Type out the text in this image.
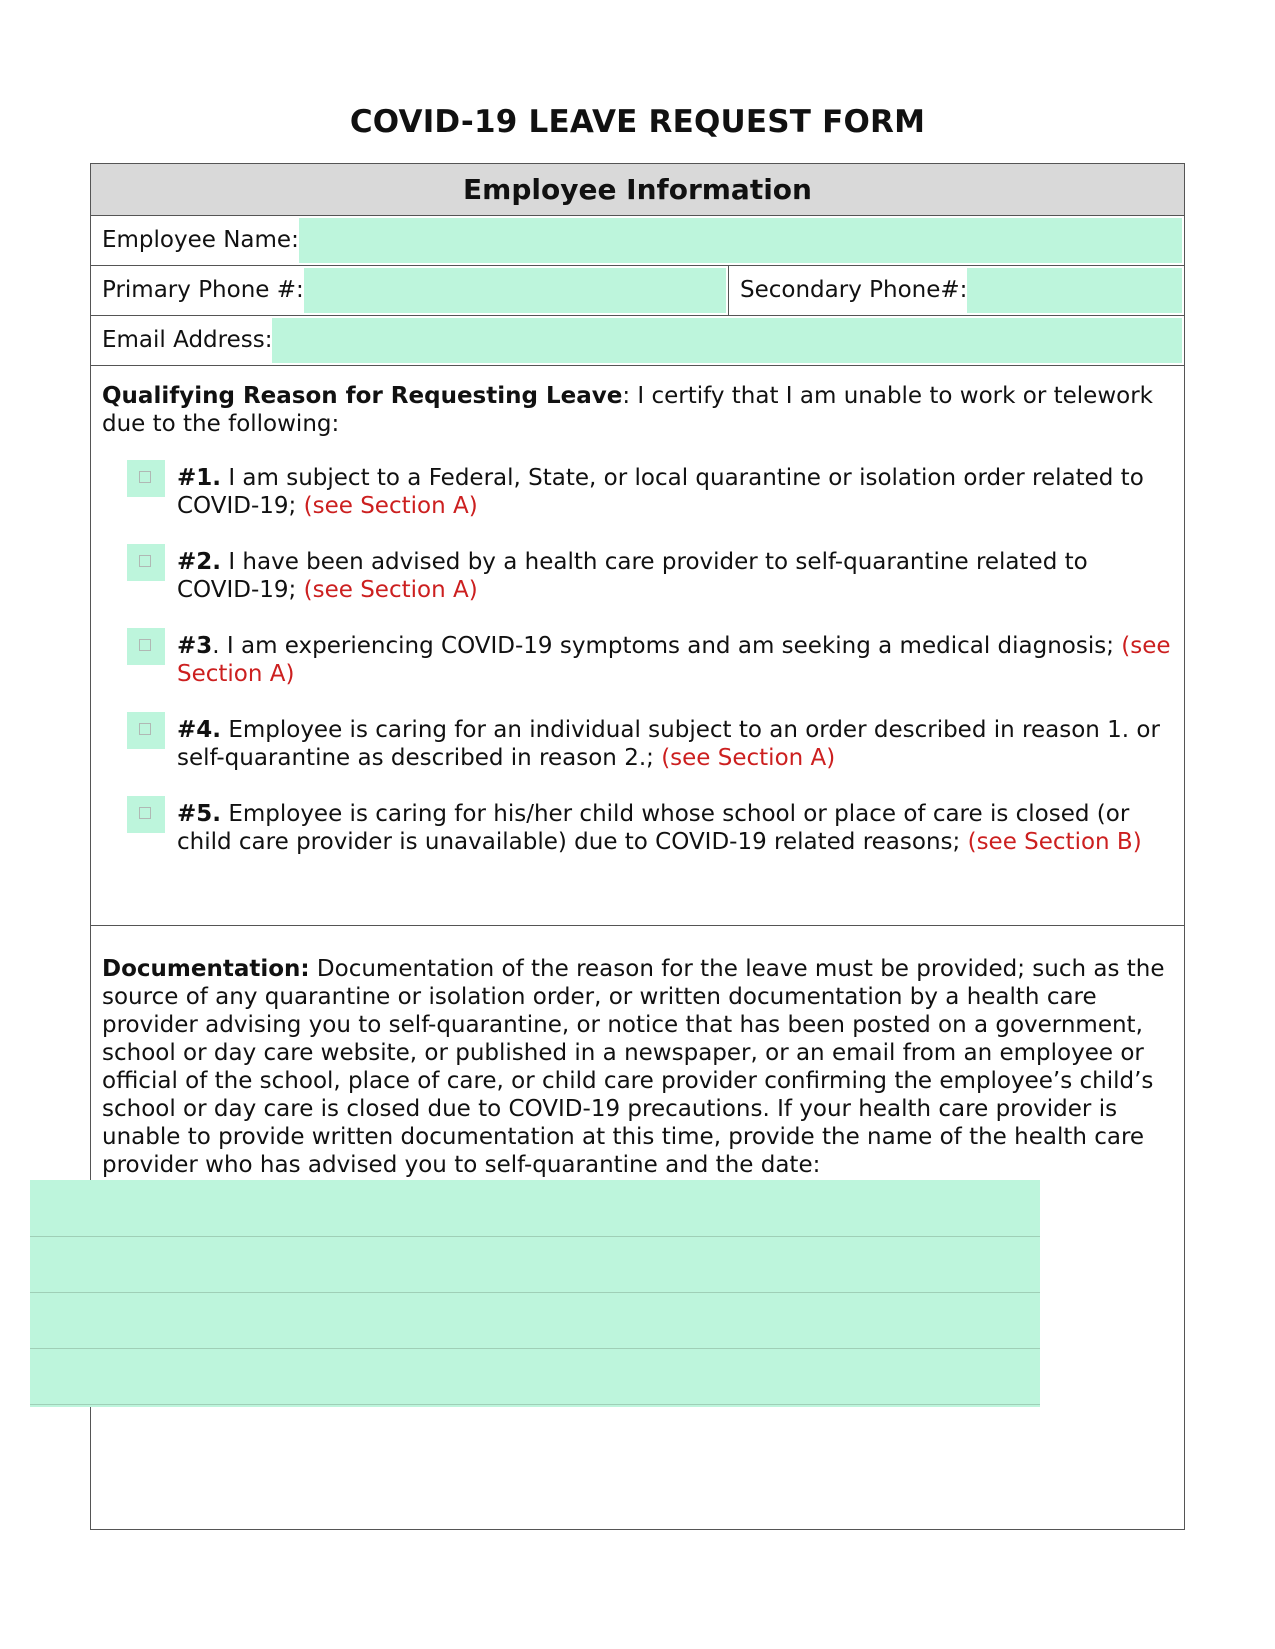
COVID-19 LEAVE REQUEST FORM
Employee Information
Employee Name:
Primary Phone #:	Secondary Phone#:
Email Address:
Qualifying Reason for Requesting Leave: I certify that I am unable to work or telework due to the following:
#1. I am subject to a Federal, State, or local quarantine or isolation order related to COVID-19; (see Section A)
#2. I have been advised by a health care provider to self-quarantine related to COVID-19; (see Section A)
#3. I am experiencing COVID-19 symptoms and am seeking a medical diagnosis; (see Section A)
#4. Employee is caring for an individual subject to an order described in reason 1. or self-quarantine as described in reason 2.; (see Section A)
#5. Employee is caring for his/her child whose school or place of care is closed (or child care provider is unavailable) due to COVID-19 related reasons; (see Section B)
Documentation: Documentation of the reason for the leave must be provided; such as the source of any quarantine or isolation order, or written documentation by a health care provider advising you to self-quarantine, or notice that has been posted on a government, school or day care website, or published in a newspaper, or an email from an employee or official of the school, place of care, or child care provider confirming the employee’s child’s school or day care is closed due to COVID-19 precautions. If your health care provider is unable to provide written documentation at this time, provide the name of the health care provider who has advised you to self-quarantine and the date:
